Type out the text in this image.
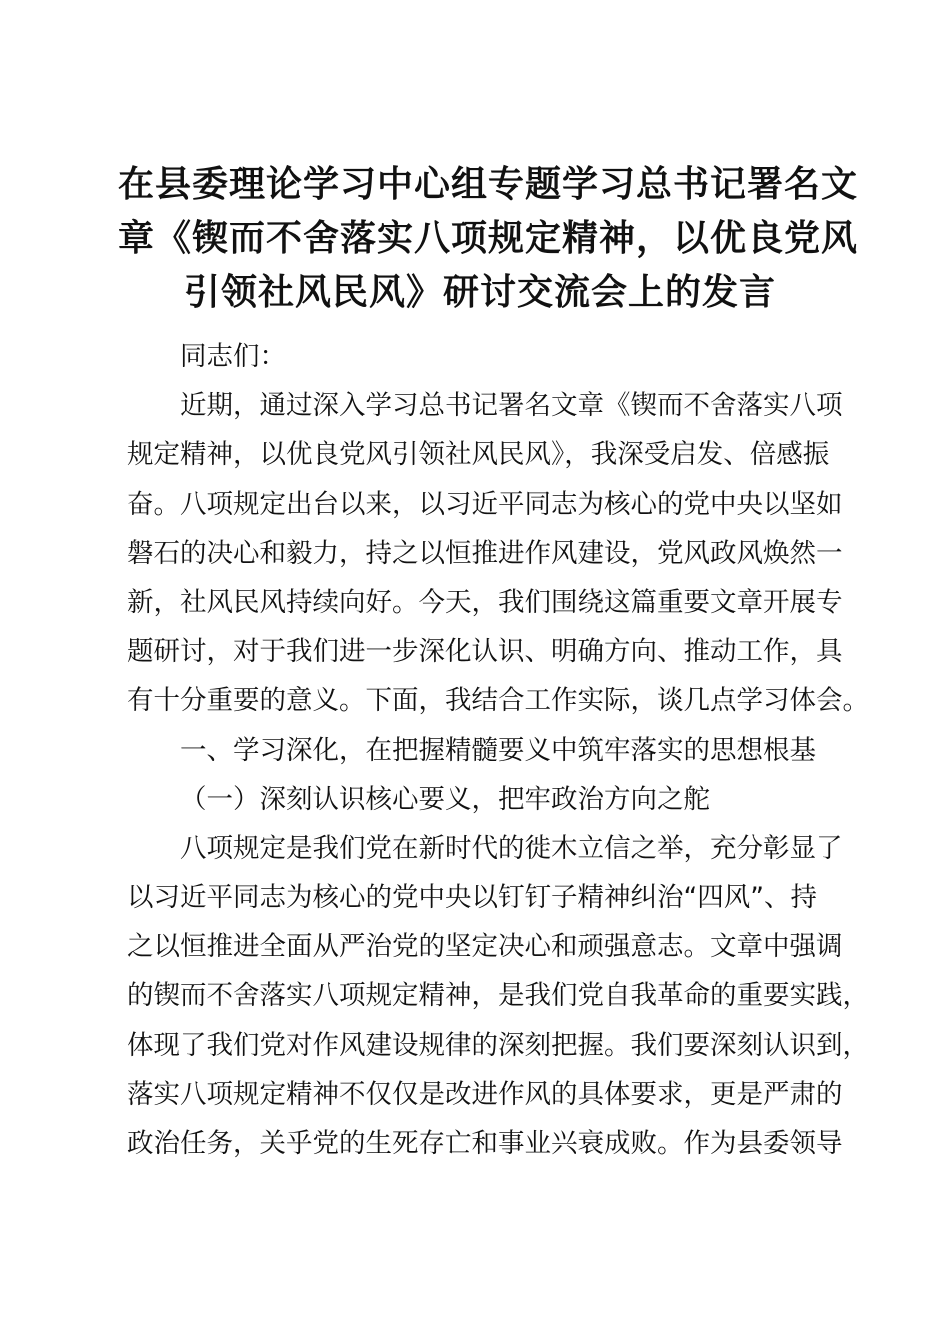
在县委理论学习中心组专题学习总书记署名文
章《锲而不舍落实八项规定精神，以优良党风
引领社风民风》研讨交流会上的发言
同志们：
近期，通过深入学习总书记署名文章《锲而不舍落实八项
规定精神，以优良党风引领社风民风》，我深受启发、倍感振
奋。八项规定出台以来，以习近平同志为核心的党中央以坚如
磐石的决心和毅力，持之以恒推进作风建设，党风政风焕然一
新，社风民风持续向好。今天，我们围绕这篇重要文章开展专
题研讨，对于我们进一步深化认识、明确方向、推动工作，具
有十分重要的意义。下面，我结合工作实际，谈几点学习体会。
一、学习深化，在把握精髓要义中筑牢落实的思想根基
（一）深刻认识核心要义，把牢政治方向之舵
八项规定是我们党在新时代的徙木立信之举，充分彰显了
以习近平同志为核心的党中央以钉钉子精神纠治“四风”、持
之以恒推进全面从严治党的坚定决心和顽强意志。文章中强调
的锲而不舍落实八项规定精神，是我们党自我革命的重要实践，
体现了我们党对作风建设规律的深刻把握。我们要深刻认识到，
落实八项规定精神不仅仅是改进作风的具体要求，更是严肃的
政治任务，关乎党的生死存亡和事业兴衰成败。作为县委领导
